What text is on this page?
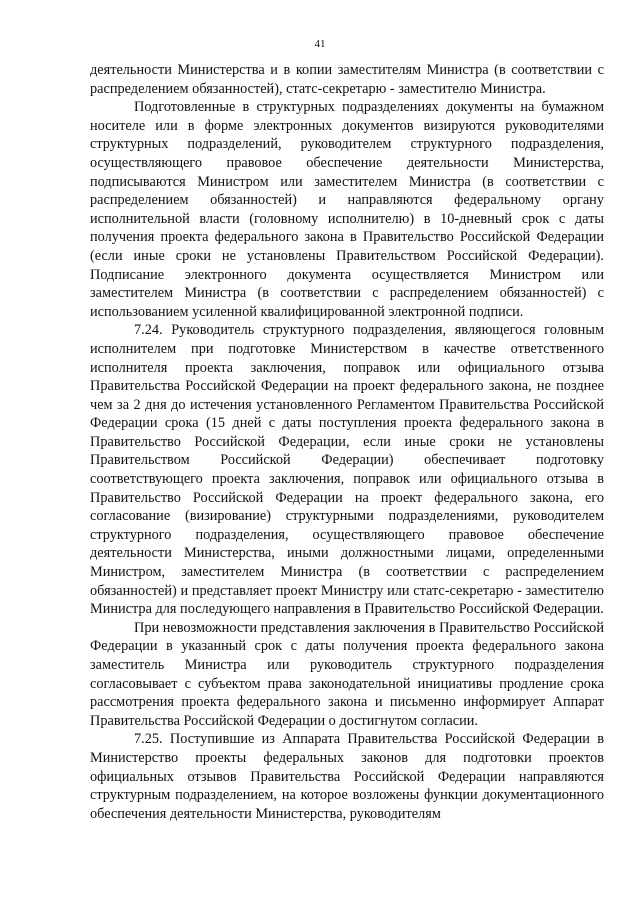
41

деятельности Министерства и в копии заместителям Министра (в соответствии с распределением обязанностей), статс-секретарю - заместителю Министра.

Подготовленные в структурных подразделениях документы на бумажном носителе или в форме электронных документов визируются руководителями структурных подразделений, руководителем структурного подразделения, осуществляющего правовое обеспечение деятельности Министерства, подписываются Министром или заместителем Министра (в соответствии с распределением обязанностей) и направляются федеральному органу исполнительной власти (головному исполнителю) в 10-дневный срок с даты получения проекта федерального закона в Правительство Российской Федерации (если иные сроки не установлены Правительством Российской Федерации). Подписание электронного документа осуществляется Министром или заместителем Министра (в соответствии с распределением обязанностей) с использованием усиленной квалифицированной электронной подписи.

7.24. Руководитель структурного подразделения, являющегося головным исполнителем при подготовке Министерством в качестве ответственного исполнителя проекта заключения, поправок или официального отзыва Правительства Российской Федерации на проект федерального закона, не позднее чем за 2 дня до истечения установленного Регламентом Правительства Российской Федерации срока (15 дней с даты поступления проекта федерального закона в Правительство Российской Федерации, если иные сроки не установлены Правительством Российской Федерации) обеспечивает подготовку соответствующего проекта заключения, поправок или официального отзыва в Правительство Российской Федерации на проект федерального закона, его согласование (визирование) структурными подразделениями, руководителем структурного подразделения, осуществляющего правовое обеспечение деятельности Министерства, иными должностными лицами, определенными Министром, заместителем Министра (в соответствии с распределением обязанностей) и представляет проект Министру или статс-секретарю - заместителю Министра для последующего направления в Правительство Российской Федерации.

При невозможности представления заключения в Правительство Российской Федерации в указанный срок с даты получения проекта федерального закона заместитель Министра или руководитель структурного подразделения согласовывает с субъектом права законодательной инициативы продление срока рассмотрения проекта федерального закона и письменно информирует Аппарат Правительства Российской Федерации о достигнутом согласии.

7.25. Поступившие из Аппарата Правительства Российской Федерации в Министерство проекты федеральных законов для подготовки проектов официальных отзывов Правительства Российской Федерации направляются структурным подразделением, на которое возложены функции документационного обеспечения деятельности Министерства, руководителям
